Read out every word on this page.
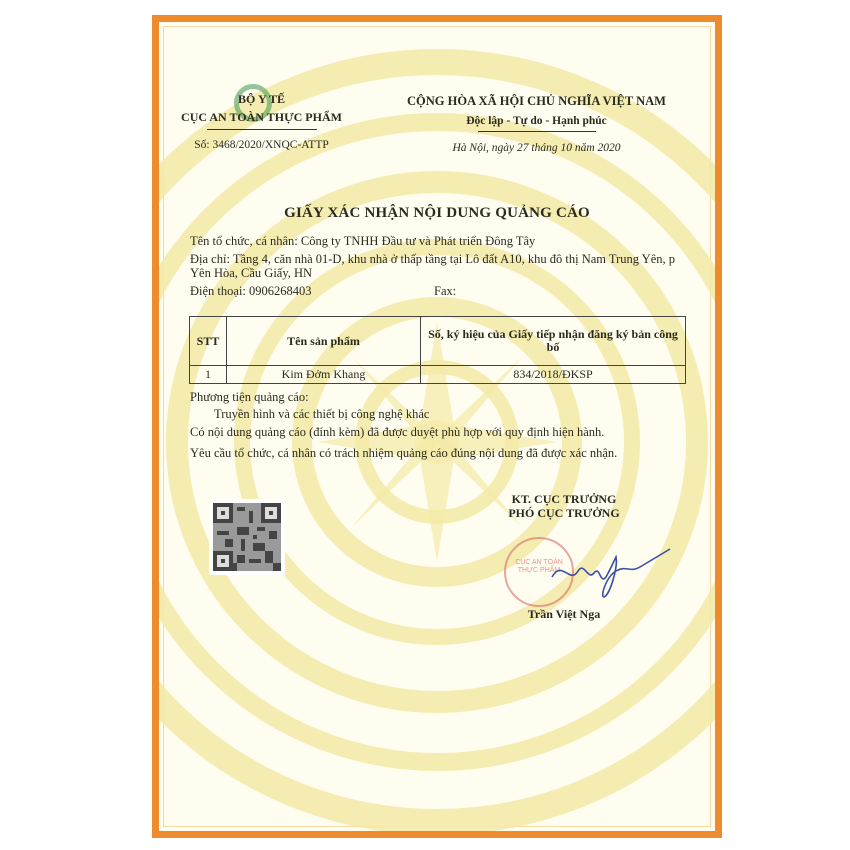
BỘ Y TẾ
CỤC AN TOÀN THỰC PHẨM
Số: 3468/2020/XNQC-ATTP
CỘNG HÒA XÃ HỘI CHỦ NGHĨA VIỆT NAM
Độc lập - Tự do - Hạnh phúc
Hà Nội, ngày 27 tháng 10 năm 2020
GIẤY XÁC NHẬN NỘI DUNG QUẢNG CÁO
Tên tổ chức, cá nhân: Công ty TNHH Đầu tư và Phát triển Đông Tây
Địa chỉ: Tầng 4, căn nhà 01-D, khu nhà ở thấp tầng tại Lô đất A10, khu đô thị Nam Trung Yên, p Yên Hòa, Cầu Giấy, HN
Điện thoại: 0906268403	Fax:
STT	Tên sản phẩm	Số, ký hiệu của Giấy tiếp nhận đăng ký bản công bố
1	Kim Đởm Khang	834/2018/ĐKSP
Phương tiện quảng cáo:
Truyền hình và các thiết bị công nghệ khác
Có nội dung quảng cáo (đính kèm) đã được duyệt phù hợp với quy định hiện hành.
Yêu cầu tổ chức, cá nhân có trách nhiệm quảng cáo đúng nội dung đã được xác nhận.
KT. CỤC TRƯỞNG
PHÓ CỤC TRƯỞNG
CỤC AN TOÀN THỰC PHẨM
Trần Việt Nga
